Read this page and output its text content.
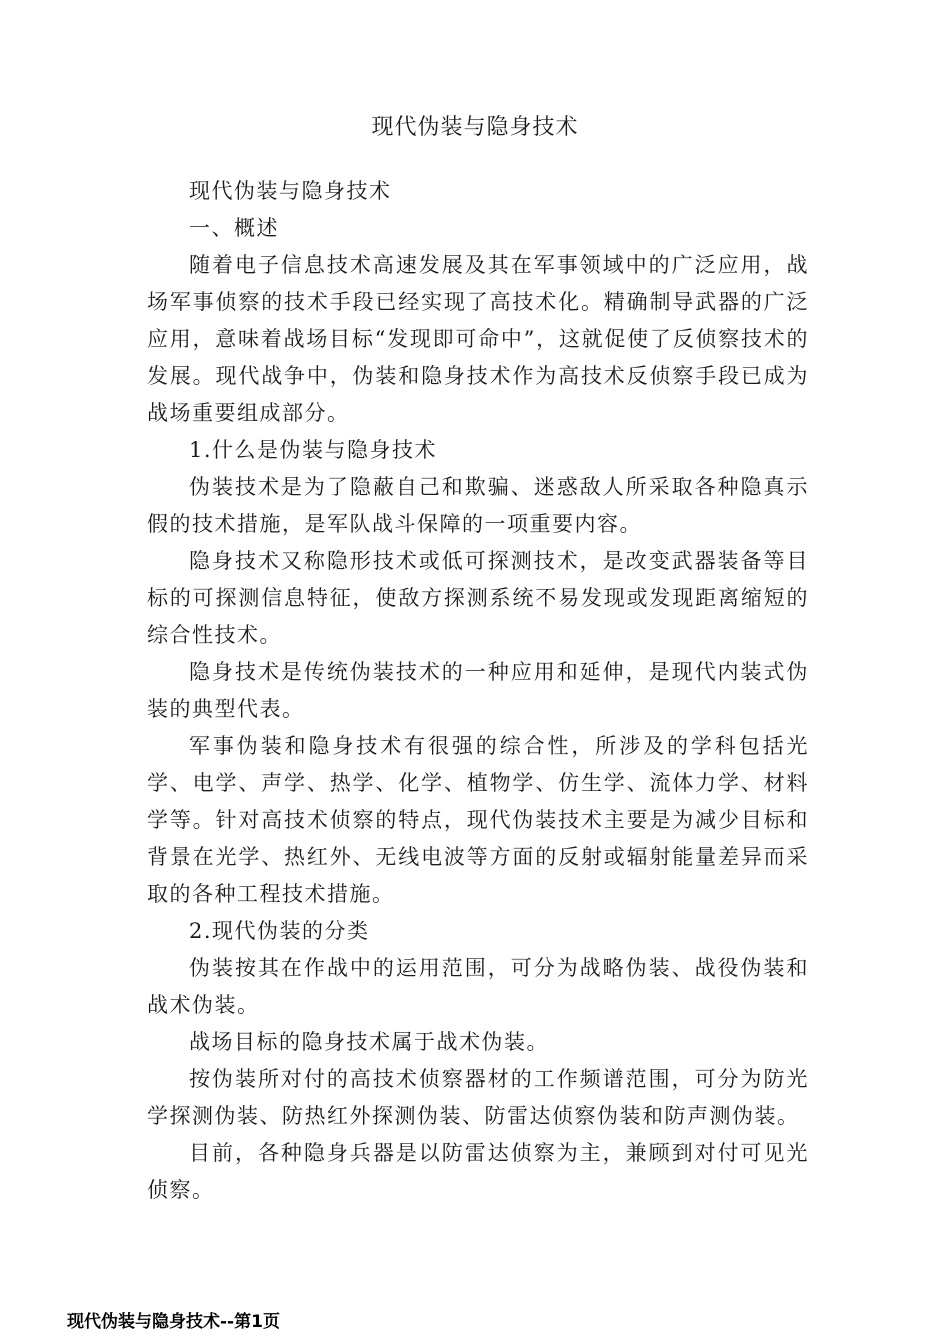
现代伪装与隐身技术

现代伪装与隐身技术

一、概述

随着电子信息技术高速发展及其在军事领域中的广泛应用，战场军事侦察的技术手段已经实现了高技术化。精确制导武器的广泛应用，意味着战场目标“发现即可命中”，这就促使了反侦察技术的发展。现代战争中，伪装和隐身技术作为高技术反侦察手段已成为战场重要组成部分。

1.什么是伪装与隐身技术

伪装技术是为了隐蔽自己和欺骗、迷惑敌人所采取各种隐真示假的技术措施，是军队战斗保障的一项重要内容。

隐身技术又称隐形技术或低可探测技术，是改变武器装备等目标的可探测信息特征，使敌方探测系统不易发现或发现距离缩短的综合性技术。

隐身技术是传统伪装技术的一种应用和延伸，是现代内装式伪装的典型代表。

军事伪装和隐身技术有很强的综合性，所涉及的学科包括光学、电学、声学、热学、化学、植物学、仿生学、流体力学、材料学等。针对高技术侦察的特点，现代伪装技术主要是为减少目标和背景在光学、热红外、无线电波等方面的反射或辐射能量差异而采取的各种工程技术措施。

2.现代伪装的分类

伪装按其在作战中的运用范围，可分为战略伪装、战役伪装和战术伪装。

战场目标的隐身技术属于战术伪装。

按伪装所对付的高技术侦察器材的工作频谱范围，可分为防光学探测伪装、防热红外探测伪装、防雷达侦察伪装和防声测伪装。

目前，各种隐身兵器是以防雷达侦察为主，兼顾到对付可见光侦察。

现代伪装与隐身技术--第1页
